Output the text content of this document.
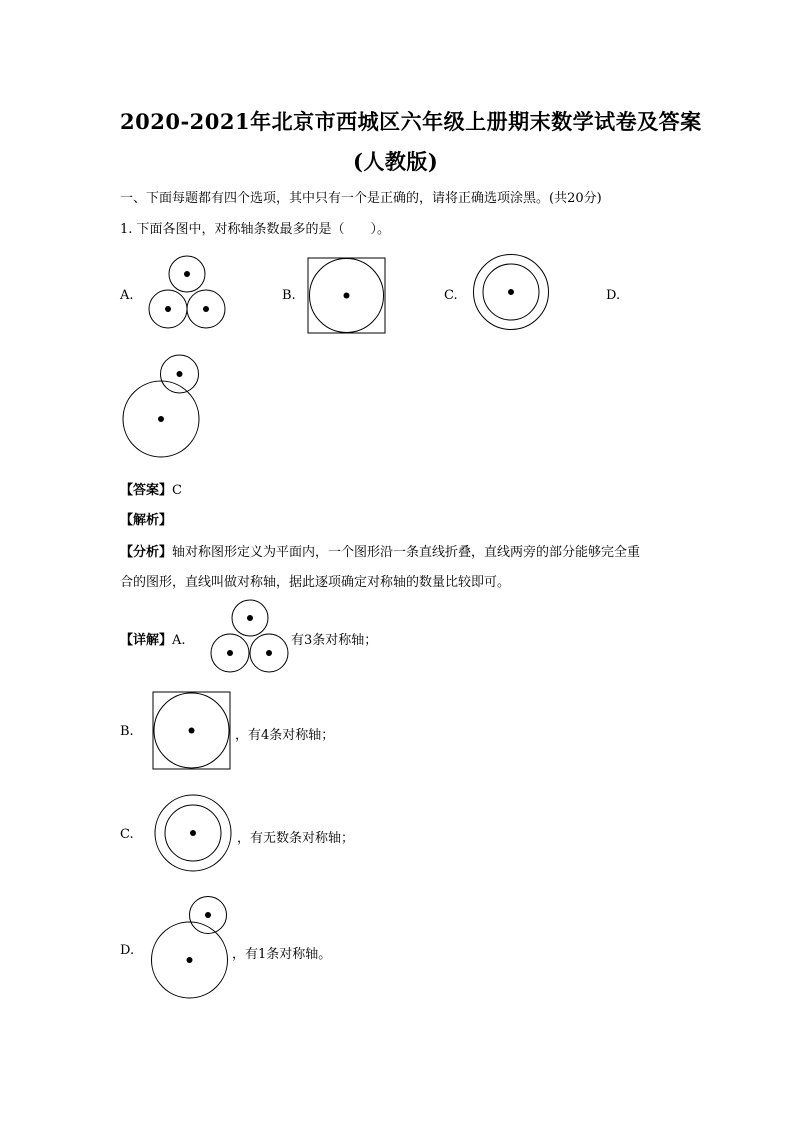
2020-2021年北京市西城区六年级上册期末数学试卷及答案
(人教版)
一、下面每题都有四个选项，其中只有一个是正确的，请将正确选项涂黑。(共20分)
1. 下面各图中，对称轴条数最多的是（　　）。
A.	B.	C.	D.
【答案】C
【解析】
【分析】轴对称图形定义为平面内，一个图形沿一条直线折叠，直线两旁的部分能够完全重
合的图形，直线叫做对称轴，据此逐项确定对称轴的数量比较即可。
【详解】A.	有3条对称轴；
B.	，有4条对称轴；
C.	，有无数条对称轴；
D.	，有1条对称轴。
